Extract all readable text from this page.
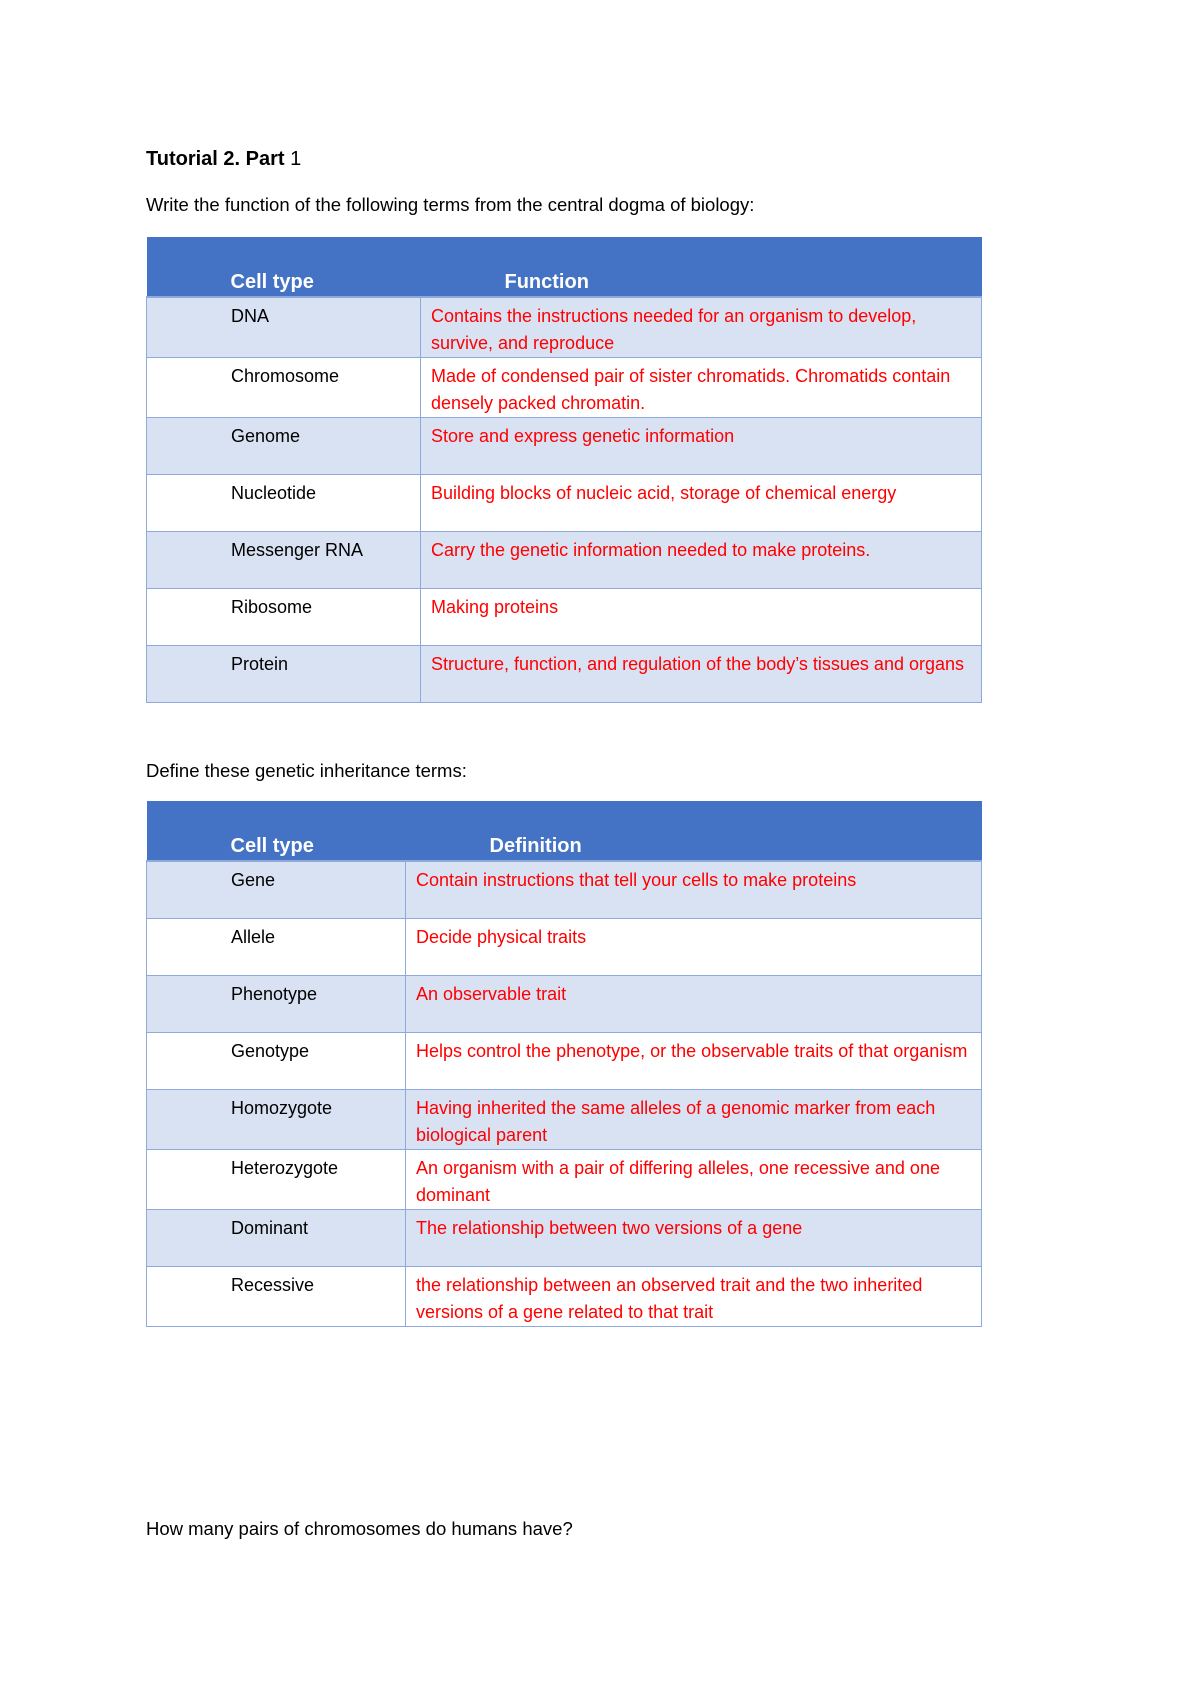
Tutorial 2. Part 1

Write the function of the following terms from the central dogma of biology:

Cell type	Function
DNA	Contains the instructions needed for an organism to develop, survive, and reproduce
Chromosome	Made of condensed pair of sister chromatids. Chromatids contain densely packed chromatin.
Genome	Store and express genetic information
Nucleotide	Building blocks of nucleic acid, storage of chemical energy
Messenger RNA	Carry the genetic information needed to make proteins.
Ribosome	Making proteins
Protein	Structure, function, and regulation of the body’s tissues and organs

Define these genetic inheritance terms:

Cell type	Definition
Gene	Contain instructions that tell your cells to make proteins
Allele	Decide physical traits
Phenotype	An observable trait
Genotype	Helps control the phenotype, or the observable traits of that organism
Homozygote	Having inherited the same alleles of a genomic marker from each biological parent
Heterozygote	An organism with a pair of differing alleles, one recessive and one dominant
Dominant	The relationship between two versions of a gene
Recessive	the relationship between an observed trait and the two inherited versions of a gene related to that trait

How many pairs of chromosomes do humans have?
